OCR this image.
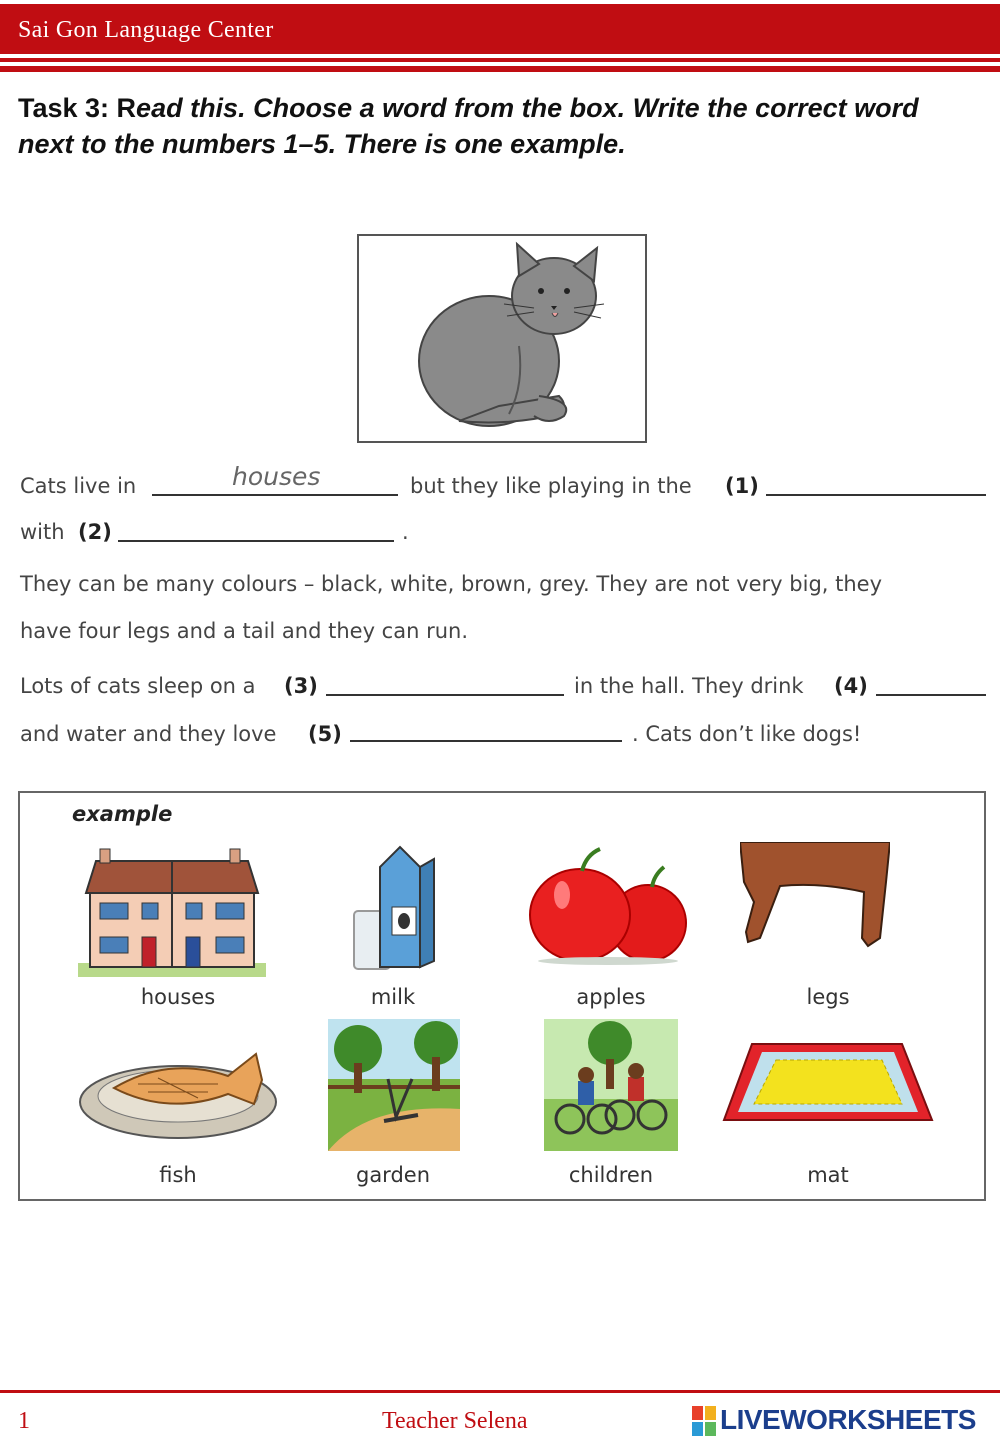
Sai Gon Language Center
Task 3: Read this. Choose a word from the box. Write the correct word next to the numbers 1–5. There is one example.
Cats live in	houses	but they like playing in the (1)
with (2)	.
They can be many colours – black, white, brown, grey. They are not very big, they
have four legs and a tail and they can run.
Lots of cats sleep on a (3)	in the hall. They drink (4)
and water and they love (5)	. Cats don’t like dogs!
example
houses	milk	apples	legs
fish	garden	children	mat
1	Teacher Selena	LIVEWORKSHEETS
